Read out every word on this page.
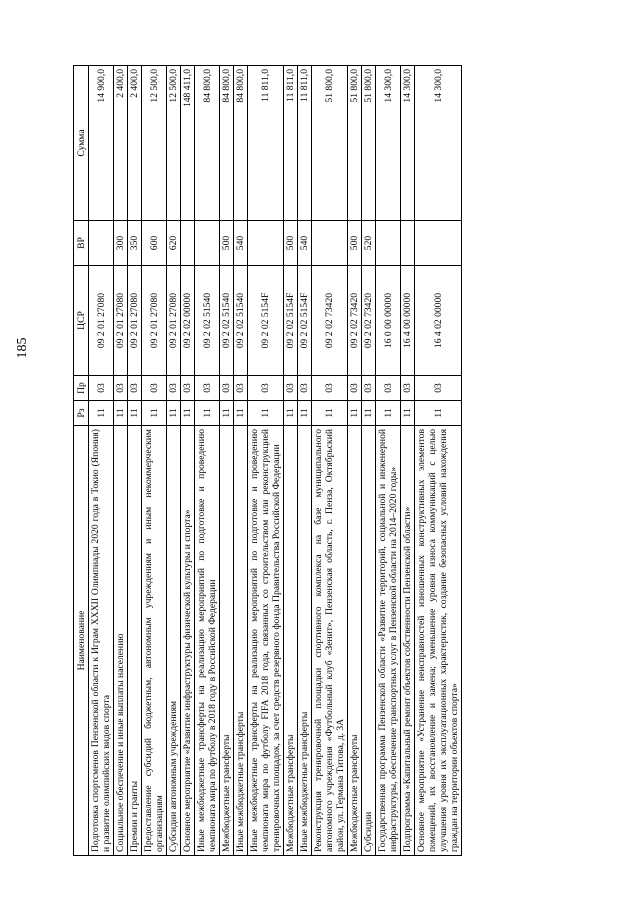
185
Наименование	Рз	Пр	ЦСР	ВР	Сумма
Подготовка спортсменов Пензенской области к Играм XXXII Олимпиады 2020 года в Токио (Япония) и развитие олимпийских видов спорта	11	03	09 2 01 27080		14 900,0
Социальное обеспечение и иные выплаты населению	11	03	09 2 01 27080	300	2 400,0
Премии и гранты	11	03	09 2 01 27080	350	2 400,0
Предоставление субсидий бюджетным, автономным учреждениям и иным некоммерческим организациям	11	03	09 2 01 27080	600	12 500,0
Субсидии автономным учреждениям	11	03	09 2 01 27080	620	12 500,0
Основное мероприятие «Развитие инфраструктуры физической культуры и спорта»	11	03	09 2 02 00000		148 411,0
Иные межбюджетные трансферты на реализацию мероприятий по подготовке и проведению чемпионата мира по футболу в 2018 году в Российской Федерации	11	03	09 2 02 51540		84 800,0
Межбюджетные трансферты	11	03	09 2 02 51540	500	84 800,0
Иные межбюджетные трансферты	11	03	09 2 02 51540	540	84 800,0
Иные межбюджетные трансферты на реализацию мероприятий по подготовке и проведению чемпионата мира по футболу FIFA 2018 года, связанных со строительством или реконструкцией тренировочных площадок, за счет средств резервного фонда Правительства Российской Федерации	11	03	09 2 02 5154F		11 811,0
Межбюджетные трансферты	11	03	09 2 02 5154F	500	11 811,0
Иные межбюджетные трансферты	11	03	09 2 02 5154F	540	11 811,0
Реконструкция тренировочной площадки спортивного комплекса на базе муниципального автономного учреждения «Футбольный клуб «Зенит», Пензенская область, г. Пенза, Октябрьский район, ул. Германа Титова, д. 3А	11	03	09 2 02 73420		51 800,0
Межбюджетные трансферты	11	03	09 2 02 73420	500	51 800,0
Субсидии	11	03	09 2 02 73420	520	51 800,0
Государственная программа Пензенской области «Развитие территорий, социальной и инженерной инфраструктуры, обеспечение транспортных услуг в Пензенской области на 2014–2020 годы»	11	03	16 0 00 00000		14 300,0
Подпрограмма «Капитальный ремонт объектов собственности Пензенской области»	11	03	16 4 00 00000		14 300,0
Основное мероприятие «Устранение неисправностей изношенных конструктивных элементов помещений, их восстановление и замена; уменьшение уровня износа коммуникаций с целью улучшения уровня их эксплуатационных характеристик, создание безопасных условий нахождения граждан на территории объектов спорта»	11	03	16 4 02 00000		14 300,0
